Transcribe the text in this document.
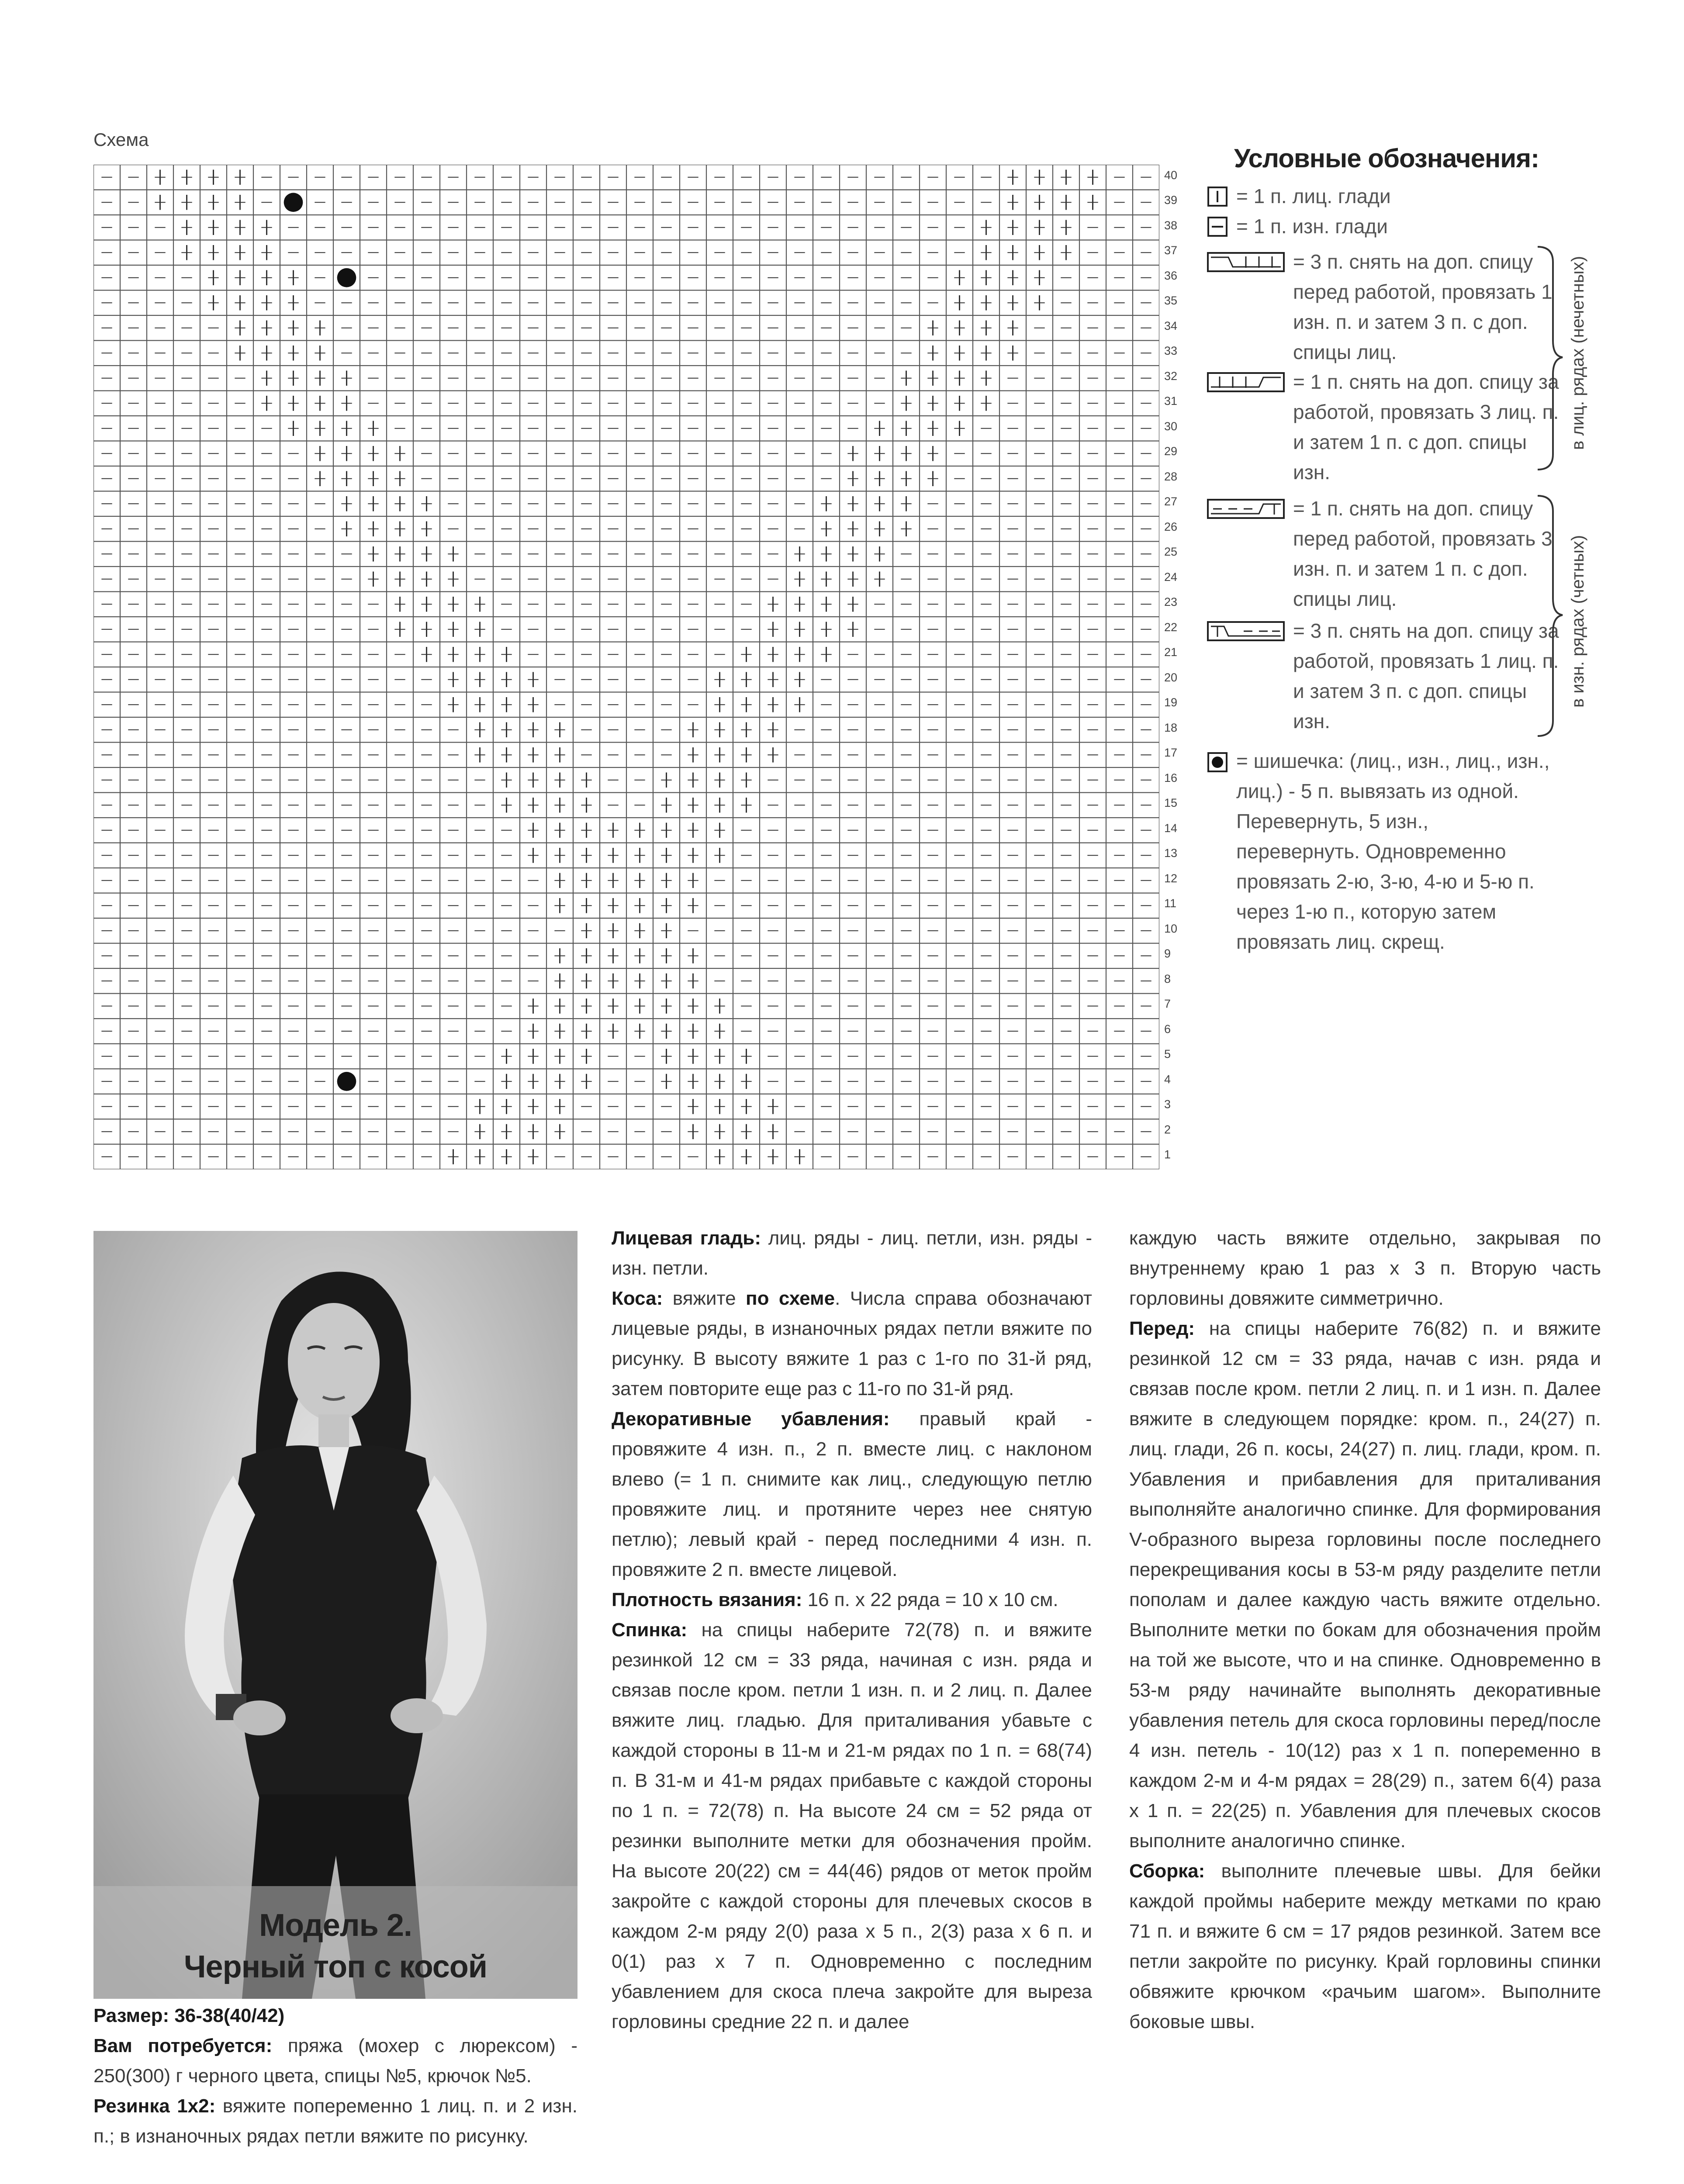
Схема
40
39
38
37
36
35
34
33
32
31
30
29
28
27
26
25
24
23
22
21
20
19
18
17
16
15
14
13
12
11
10
9
8
7
6
5
4
3
2
1
Условные обозначения:
= 1 п. лиц. глади
= 1 п. изн. глади
= 3 п. снять на доп. спицу перед работой, провязать 1 изн. п. и затем 3 п. с доп. спицы лиц.
= 1 п. снять на доп. спицу за работой, провязать 3 лиц. п. и затем 1 п. с доп. спицы изн.
= 1 п. снять на доп. спицу перед работой, провязать 3 изн. п. и затем 1 п. с доп. спицы лиц.
= 3 п. снять на доп. спицу за работой, провязать 1 лиц. п. и затем 3 п. с доп. спицы изн.
= шишечка: (лиц., изн., лиц., изн., лиц.) - 5 п. вывязать из одной. Перевернуть, 5 изн., перевернуть. Одновременно провязать 2-ю, 3-ю, 4-ю и 5-ю п. через 1-ю п., которую затем провязать лиц. скрещ.
в лиц. рядах (нечетных)
в изн. рядах (четных)
Модель 2.
Черный топ с косой

Размер: 36-38(40/42)

Вам потребуется: пряжа (мохер с люрексом) - 250(300) г черного цвета, спицы №5, крючок №5.

Резинка 1х2: вяжите попеременно 1 лиц. п. и 2 изн. п.; в изнаночных рядах петли вяжите по рисунку.

Лицевая гладь: лиц. ряды - лиц. петли, изн. ряды - изн. петли.

Коса: вяжите по схеме. Числа справа обозначают лицевые ряды, в изнаночных рядах петли вяжите по рисунку. В высоту вяжите 1 раз с 1-го по 31-й ряд, затем повторите еще раз с 11-го по 31-й ряд.

Декоративные убавления: правый край - провяжите 4 изн. п., 2 п. вместе лиц. с наклоном влево (= 1 п. снимите как лиц., следующую петлю провяжите лиц. и протяните через нее снятую петлю); левый край - перед последними 4 изн. п. провяжите 2 п. вместе лицевой.

Плотность вязания: 16 п. х 22 ряда = 10 х 10 см.

Спинка: на спицы наберите 72(78) п. и вяжите резинкой 12 см = 33 ряда, начиная с изн. ряда и связав после кром. петли 1 изн. п. и 2 лиц. п. Далее вяжите лиц. гладью. Для приталивания убавьте с каждой стороны в 11-м и 21-м рядах по 1 п. = 68(74) п. В 31-м и 41-м рядах прибавьте с каждой стороны по 1 п. = 72(78) п. На высоте 24 см = 52 ряда от резинки выполните метки для обозначения пройм. На высоте 20(22) см = 44(46) рядов от меток пройм закройте с каждой стороны для плечевых скосов в каждом 2-м ряду 2(0) раза х 5 п., 2(3) раза х 6 п. и 0(1) раз х 7 п. Одновременно с последним убавлением для скоса плеча закройте для выреза горловины средние 22 п. и далее

каждую часть вяжите отдельно, закрывая по внутреннему краю 1 раз х 3 п. Вторую часть горловины довяжите симметрично.

Перед: на спицы наберите 76(82) п. и вяжите резинкой 12 см = 33 ряда, начав с изн. ряда и связав после кром. петли 2 лиц. п. и 1 изн. п. Далее вяжите в следующем порядке: кром. п., 24(27) п. лиц. глади, 26 п. косы, 24(27) п. лиц. глади, кром. п. Убавления и прибавления для приталивания выполняйте аналогично спинке. Для формирования V-образного выреза горловины после последнего перекрещивания косы в 53-м ряду разделите петли пополам и далее каждую часть вяжите отдельно. Выполните метки по бокам для обозначения пройм на той же высоте, что и на спинке. Одновременно в 53-м ряду начинайте выполнять декоративные убавления петель для скоса горловины перед/после 4 изн. петель - 10(12) раз х 1 п. попеременно в каждом 2-м и 4-м рядах = 28(29) п., затем 6(4) раза х 1 п. = 22(25) п. Убавления для плечевых скосов выполните аналогично спинке.

Сборка: выполните плечевые швы. Для бейки каждой проймы наберите между метками по краю 71 п. и вяжите 6 см = 17 рядов резинкой. Затем все петли закройте по рисунку. Край горловины спинки обвяжите крючком «рачьим шагом». Выполните боковые швы.
